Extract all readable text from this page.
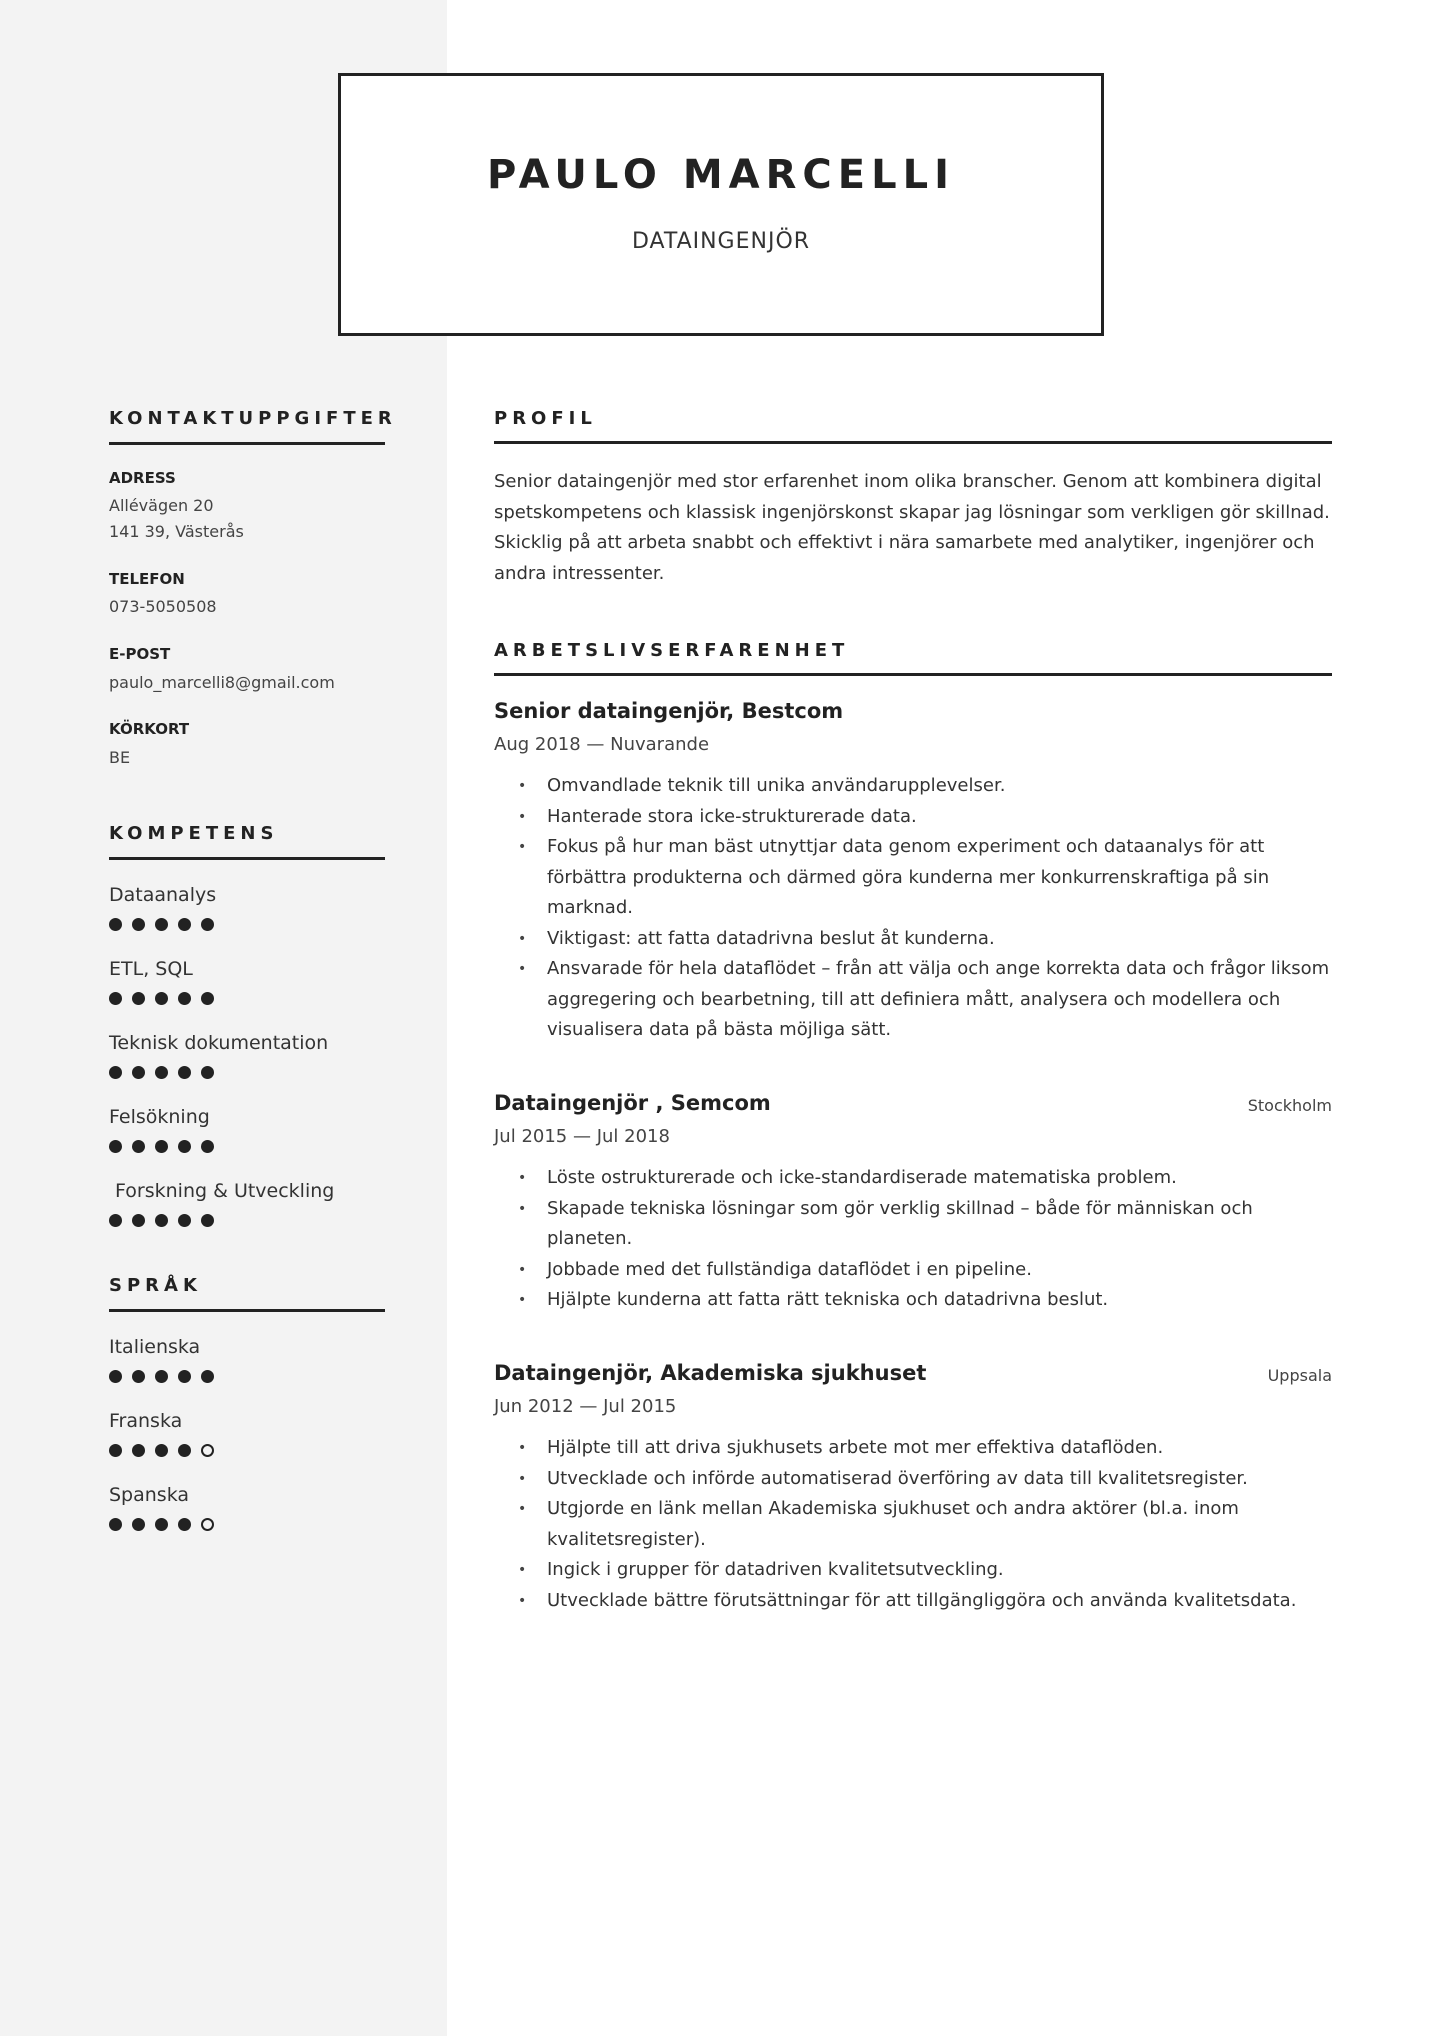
PAULO MARCELLI
DATAINGENJÖR
KONTAKTUPPGIFTER
ADRESS
Allévägen 20
141 39, Västerås
TELEFON
073-5050508
E-POST
paulo_marcelli8@gmail.com
KÖRKORT
BE
KOMPETENS
Dataanalys
ETL, SQL
Teknisk dokumentation
Felsökning
Forskning & Utveckling
SPRÅK
Italienska
Franska
Spanska
PROFIL

Senior dataingenjör med stor erfarenhet inom olika branscher. Genom att kombinera digital spetskompetens och klassisk ingenjörskonst skapar jag lösningar som verkligen gör skillnad. Skicklig på att arbeta snabbt och effektivt i nära samarbete med analytiker, ingenjörer och andra intressenter.

ARBETSLIVSERFARENHET
Senior dataingenjör, Bestcom
Aug 2018 — Nuvarande
• Omvandlade teknik till unika användarupplevelser.
• Hanterade stora icke-strukturerade data.
• Fokus på hur man bäst utnyttjar data genom experiment och dataanalys för att förbättra produkterna och därmed göra kunderna mer konkurrenskraftiga på sin marknad.
• Viktigast: att fatta datadrivna beslut åt kunderna.
• Ansvarade för hela dataflödet – från att välja och ange korrekta data och frågor liksom aggregering och bearbetning, till att definiera mått, analysera och modellera och visualisera data på bästa möjliga sätt.
Dataingenjör , Semcom	Stockholm
Jul 2015 — Jul 2018
• Löste ostrukturerade och icke-standardiserade matematiska problem.
• Skapade tekniska lösningar som gör verklig skillnad – både för människan och planeten.
• Jobbade med det fullständiga dataflödet i en pipeline.
• Hjälpte kunderna att fatta rätt tekniska och datadrivna beslut.
Dataingenjör, Akademiska sjukhuset	Uppsala
Jun 2012 — Jul 2015
• Hjälpte till att driva sjukhusets arbete mot mer effektiva dataflöden.
• Utvecklade och införde automatiserad överföring av data till kvalitetsregister.
• Utgjorde en länk mellan Akademiska sjukhuset och andra aktörer (bl.a. inom kvalitetsregister).
• Ingick i grupper för datadriven kvalitetsutveckling.
• Utvecklade bättre förutsättningar för att tillgängliggöra och använda kvalitetsdata.
